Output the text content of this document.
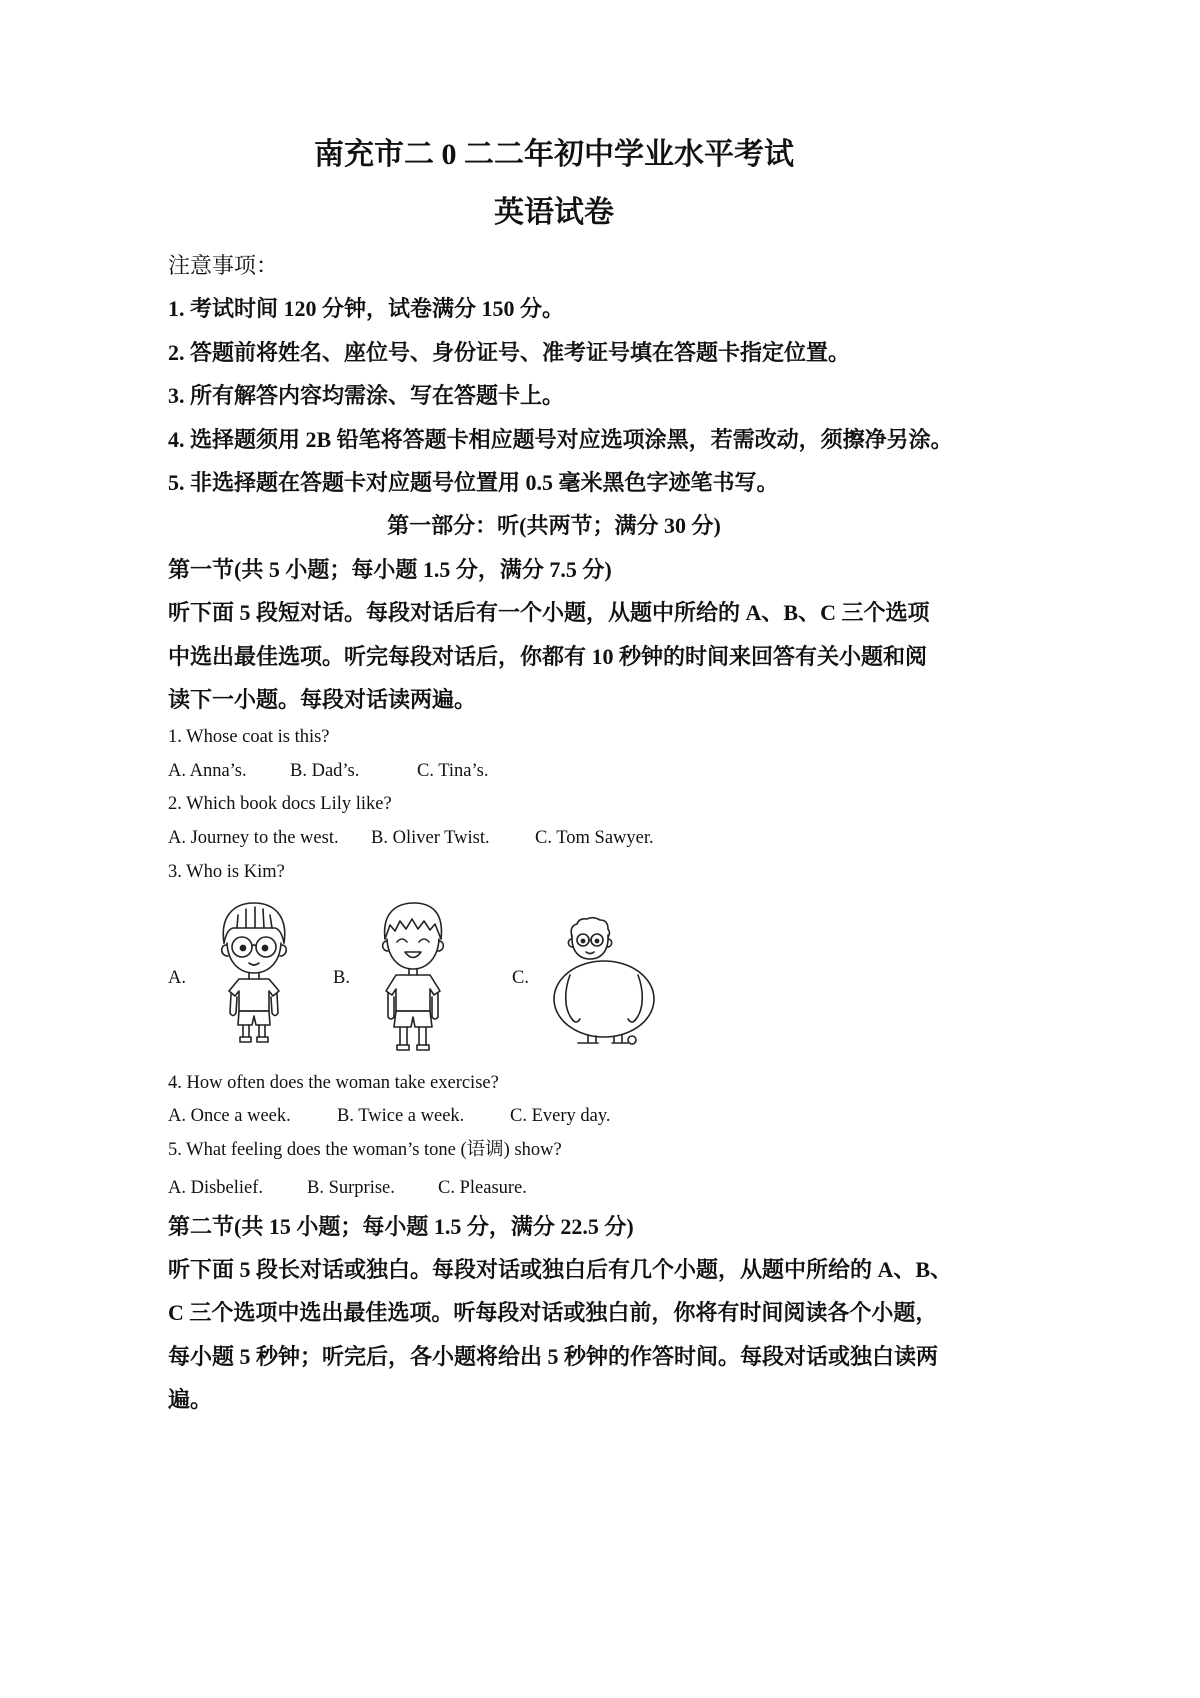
南充市二 0 二二年初中学业水平考试
英语试卷
注意事项：
1. 考试时间 120 分钟，试卷满分 150 分。
2. 答题前将姓名、座位号、身份证号、准考证号填在答题卡指定位置。
3. 所有解答内容均需涂、写在答题卡上。
4. 选择题须用 2B 铅笔将答题卡相应题号对应选项涂黑，若需改动，须擦净另涂。
5. 非选择题在答题卡对应题号位置用 0.5 毫米黑色字迹笔书写。
第一部分：听(共两节；满分 30 分)
第一节(共 5 小题；每小题 1.5 分，满分 7.5 分)
听下面 5 段短对话。每段对话后有一个小题，从题中所给的 A、B、C 三个选项
中选出最佳选项。听完每段对话后，你都有 10 秒钟的时间来回答有关小题和阅
读下一小题。每段对话读两遍。
1. Whose coat is this?
A. Anna’s. B. Dad’s.	C. Tina’s.
2. Which book docs Lily like?
A. Journey to the west. B. Oliver Twist. C. Tom Sawyer.
3. Who is Kim?
A.	B.	C.
4. How often does the woman take exercise?
A. Once a week. B. Twice a week. C. Every day.
5. What feeling does the woman’s tone (语调) show?
A. Disbelief. B. Surprise. C. Pleasure.
第二节(共 15 小题；每小题 1.5 分，满分 22.5 分)
听下面 5 段长对话或独白。每段对话或独白后有几个小题，从题中所给的 A、B、
C 三个选项中选出最佳选项。听每段对话或独白前，你将有时间阅读各个小题，
每小题 5 秒钟；听完后，各小题将给出 5 秒钟的作答时间。每段对话或独白读两
遍。
